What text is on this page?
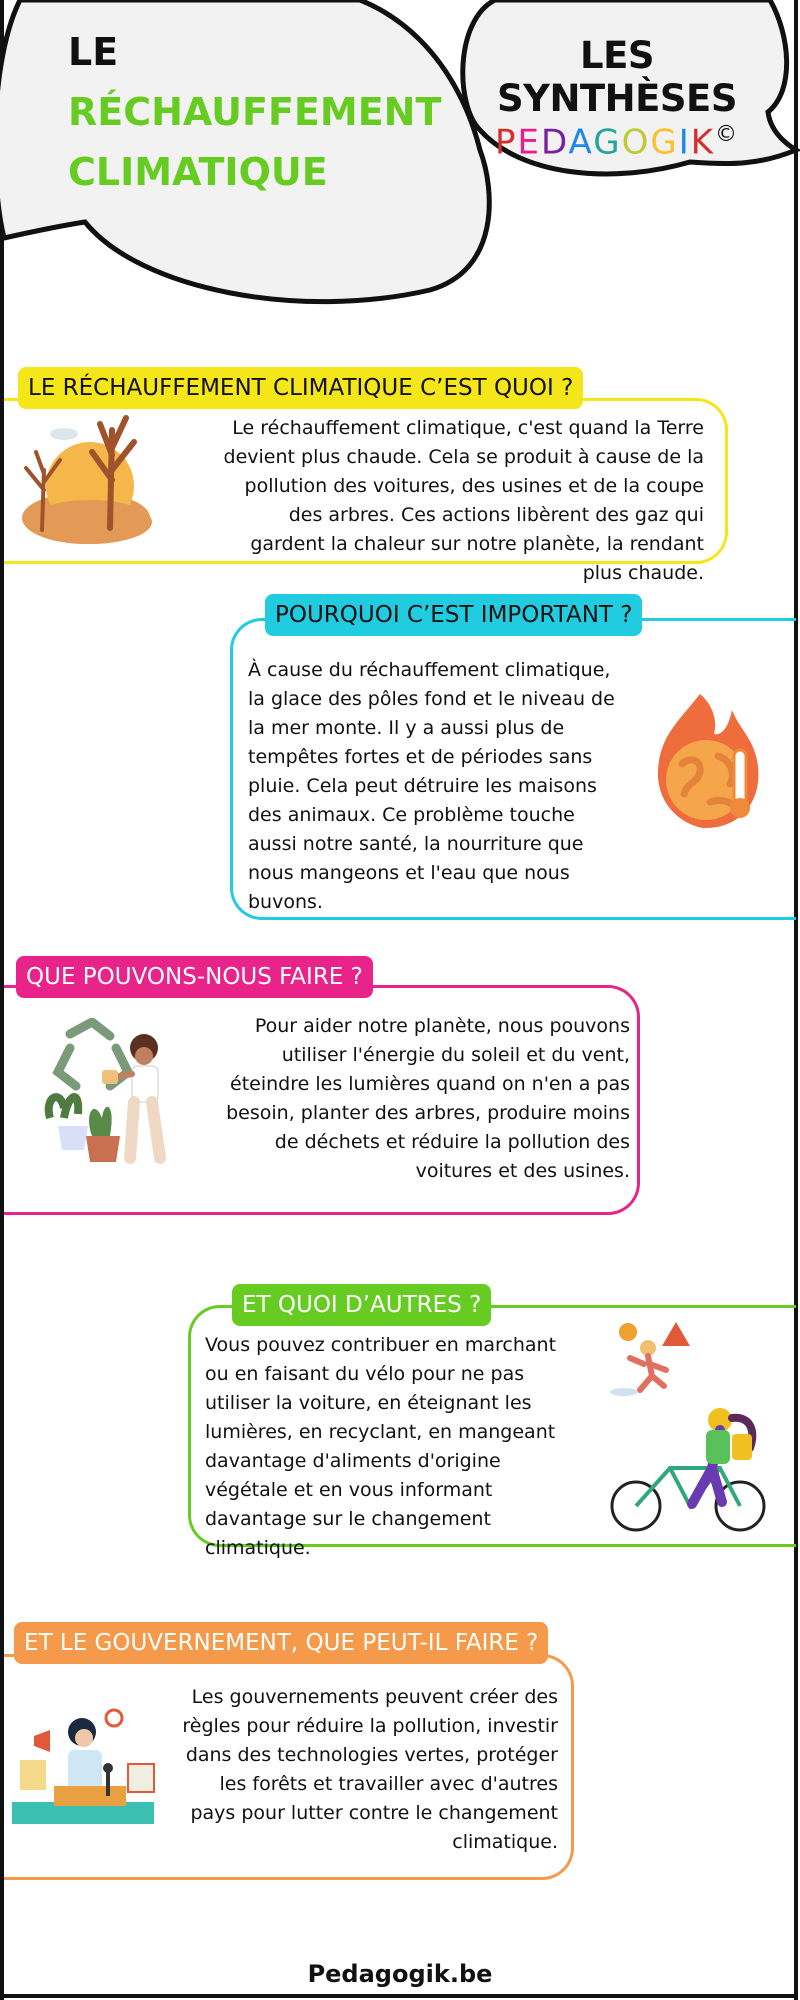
LE
RÉCHAUFFEMENT
CLIMATIQUE
LES SYNTHÈSES
PEDAGOGIK©
LE RÉCHAUFFEMENT CLIMATIQUE C’EST QUOI ?
Le réchauffement climatique, c'est quand la Terre devient plus chaude. Cela se produit à cause de la pollution des voitures, des usines et de la coupe des arbres. Ces actions libèrent des gaz qui gardent la chaleur sur notre planète, la rendant plus chaude.
POURQUOI C’EST IMPORTANT ?
À cause du réchauffement climatique, la glace des pôles fond et le niveau de la mer monte. Il y a aussi plus de tempêtes fortes et de périodes sans pluie. Cela peut détruire les maisons des animaux. Ce problème touche aussi notre santé, la nourriture que nous mangeons et l'eau que nous buvons.
QUE POUVONS-NOUS FAIRE ?
Pour aider notre planète, nous pouvons utiliser l'énergie du soleil et du vent, éteindre les lumières quand on n'en a pas besoin, planter des arbres, produire moins de déchets et réduire la pollution des voitures et des usines.
ET QUOI D’AUTRES ?
Vous pouvez contribuer en marchant ou en faisant du vélo pour ne pas utiliser la voiture, en éteignant les lumières, en recyclant, en mangeant davantage d'aliments d'origine végétale et en vous informant davantage sur le changement climatique.
ET LE GOUVERNEMENT, QUE PEUT-IL FAIRE ?
Les gouvernements peuvent créer des règles pour réduire la pollution, investir dans des technologies vertes, protéger les forêts et travailler avec d'autres pays pour lutter contre le changement climatique.
Pedagogik.be
